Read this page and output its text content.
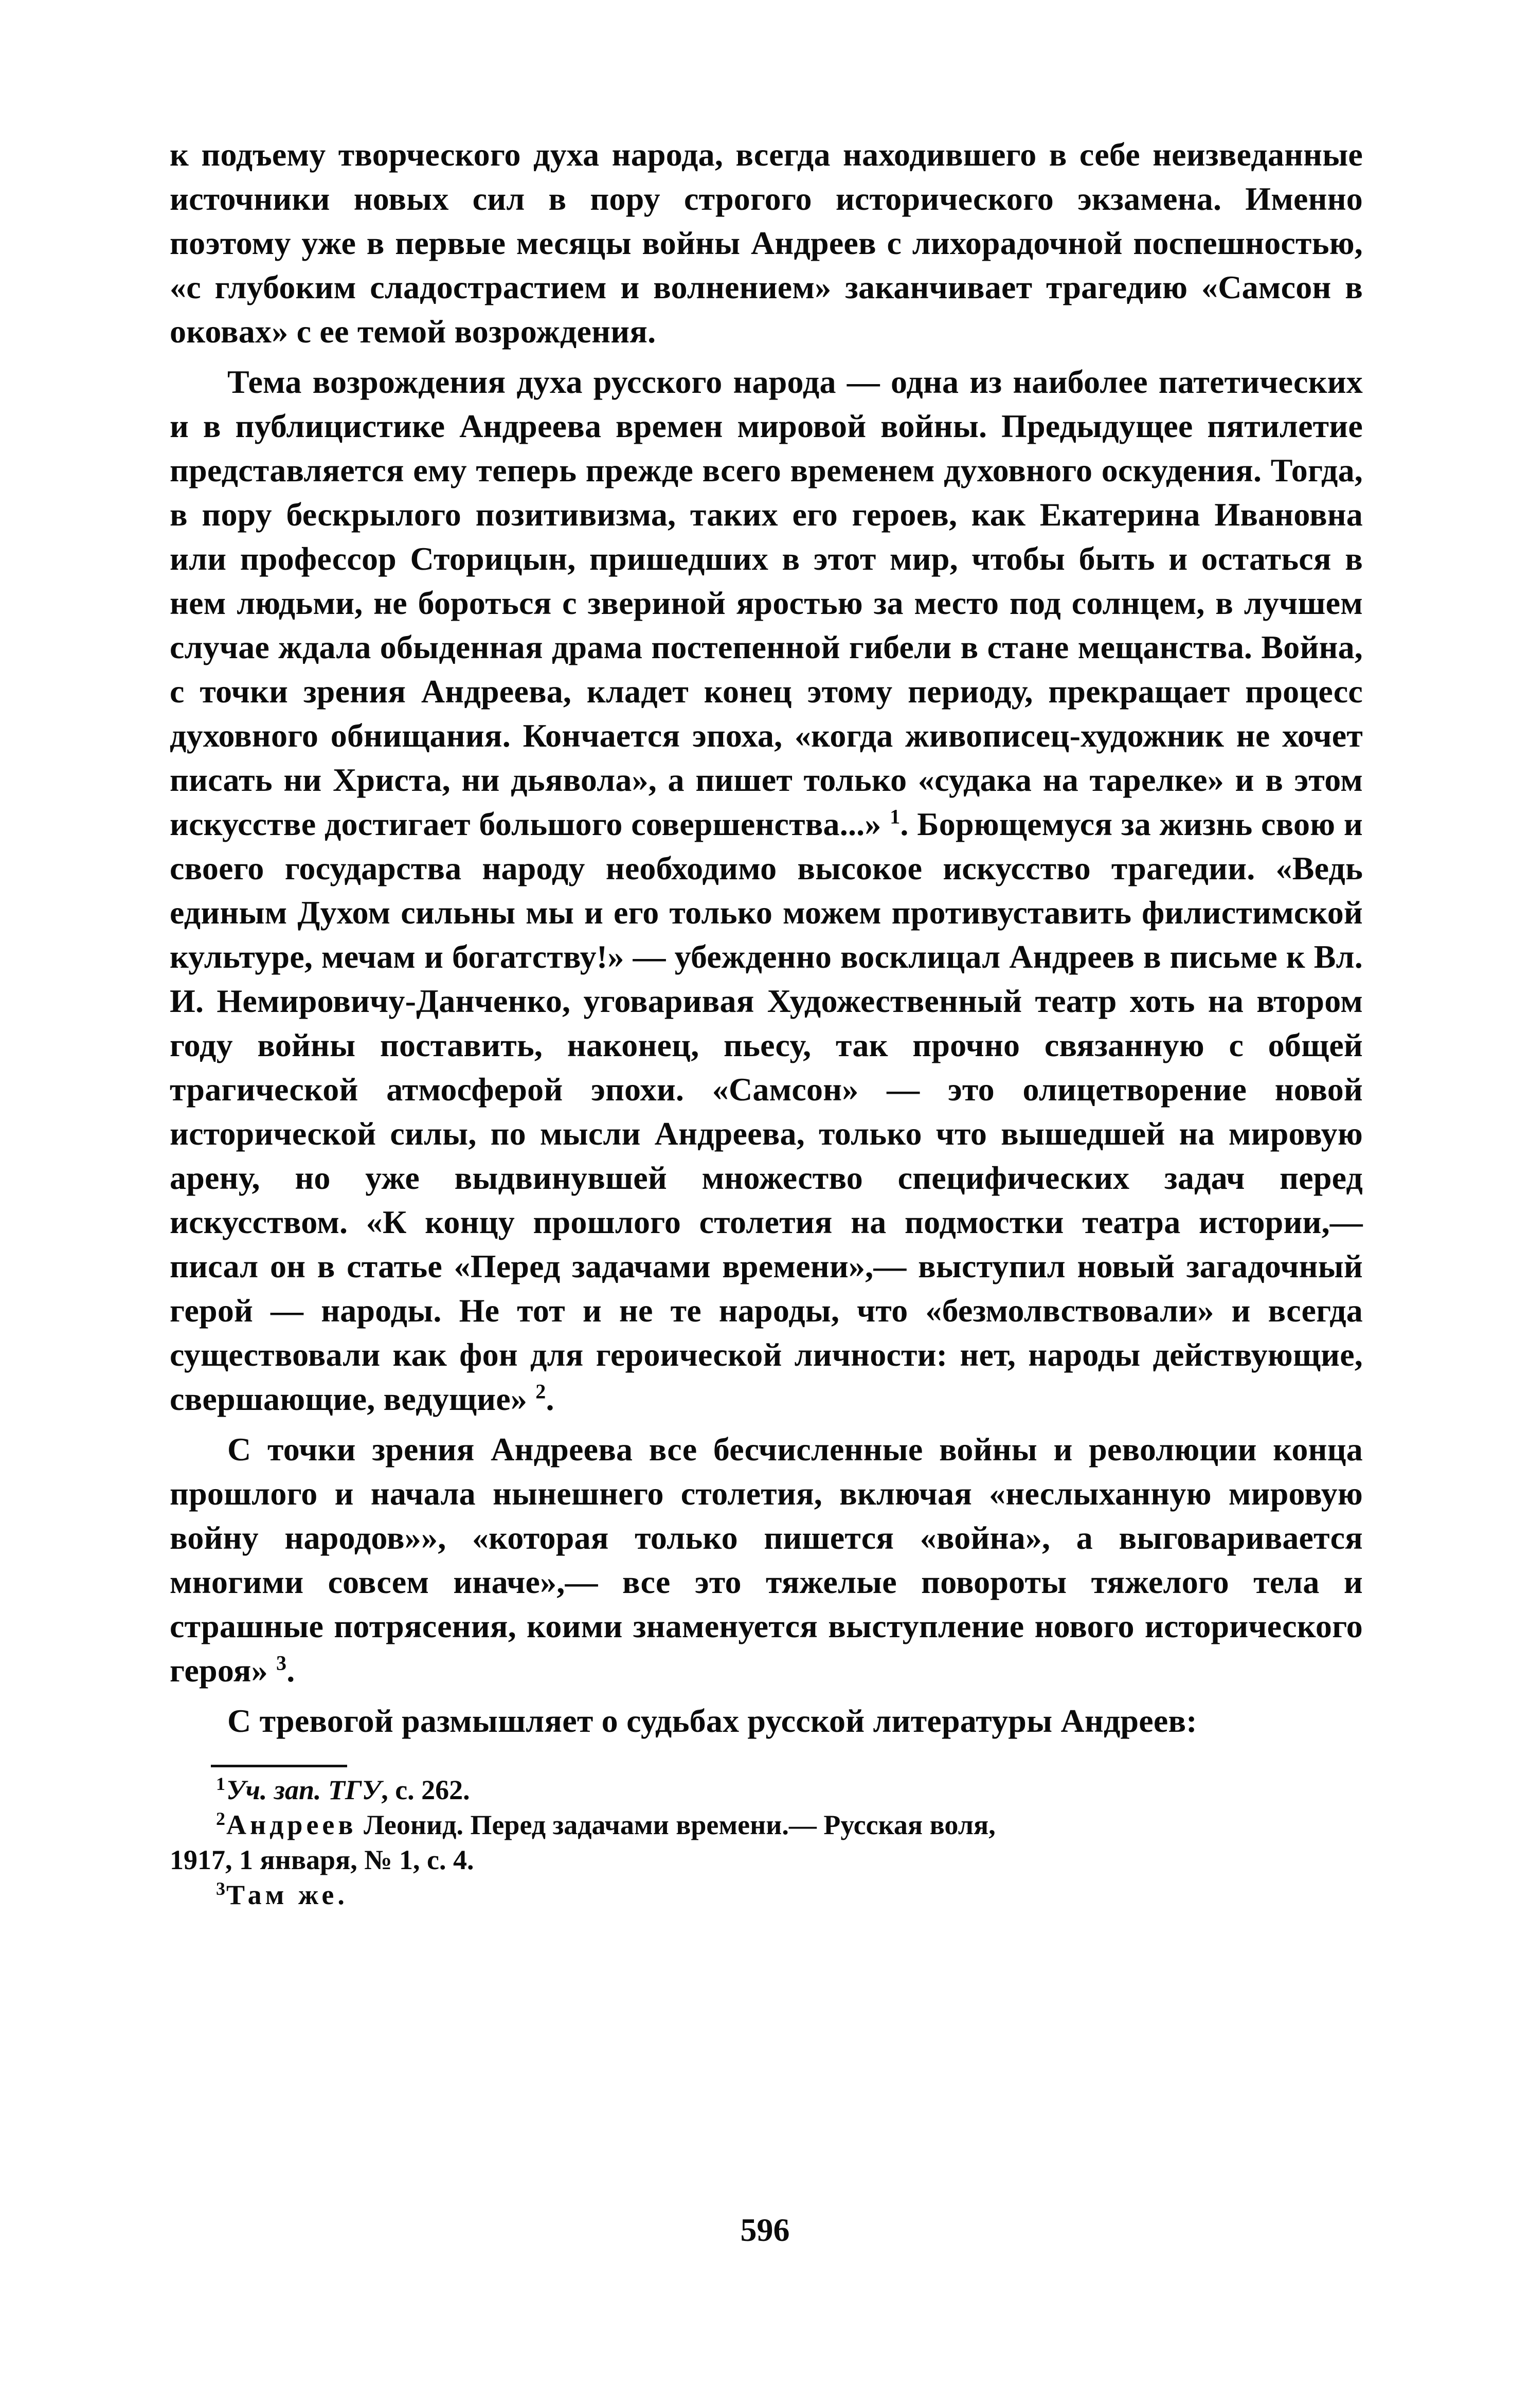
к подъему творческого духа народа, всегда находившего в себе неизведанные источники новых сил в пору строгого исторического экзамена. Именно поэтому уже в первые месяцы войны Андреев с лихорадочной поспешностью, «с глубоким сладострастием и волнением» заканчивает трагедию «Самсон в оковах» с ее темой возрождения.

Тема возрождения духа русского народа — одна из наиболее патетических и в публицистике Андреева времен мировой войны. Предыдущее пятилетие представляется ему теперь прежде всего временем духовного оскудения. Тогда, в пору бескрылого позитивизма, таких его героев, как Екатерина Ивановна или профессор Сторицын, пришедших в этот мир, чтобы быть и остаться в нем людьми, не бороться с звериной яростью за место под солнцем, в лучшем случае ждала обыденная драма постепенной гибели в стане мещанства. Война, с точки зрения Андреева, кладет конец этому периоду, прекращает процесс духовного обнищания. Кончается эпоха, «когда живописец-художник не хочет писать ни Христа, ни дьявола», а пишет только «судака на тарелке» и в этом искусстве достигает большого совершенства...» $^1$. Борющемуся за жизнь свою и своего государства народу необходимо высокое искусство трагедии. «Ведь единым Духом сильны мы и его только можем противуставить филистимской культуре, мечам и богатству!» — убежденно восклицал Андреев в письме к Вл. И. Немировичу-Данченко, уговаривая Художественный театр хоть на втором году войны поставить, наконец, пьесу, так прочно связанную с общей трагической атмосферой эпохи. «Самсон» — это олицетворение новой исторической силы, по мысли Андреева, только что вышедшей на мировую арену, но уже выдвинувшей множество специфических задач перед искусством. «К концу прошлого столетия на подмостки театра истории,— писал он в статье «Перед задачами времени»,— выступил новый загадочный герой — народы. Не тот и не те народы, что «безмолвствовали» и всегда существовали как фон для героической личности: нет, народы действующие, свершающие, ведущие» $^2$.

С точки зрения Андреева все бесчисленные войны и революции конца прошлого и начала нынешнего столетия, включая «неслыханную мировую войну народов»», «которая только пишется «война», а выговаривается многими совсем иначе»,— все это тяжелые повороты тяжелого тела и страшные потрясения, коими знаменуется выступление нового исторического героя» $^3$.

С тревогой размышляет о судьбах русской литературы Андреев:

1 Уч. зап. ТГУ, с. 262.

2 Андреев Леонид. Перед задачами времени.— Русская воля,

1917, 1 января, № 1, с. 4.

3 Там же.

596
